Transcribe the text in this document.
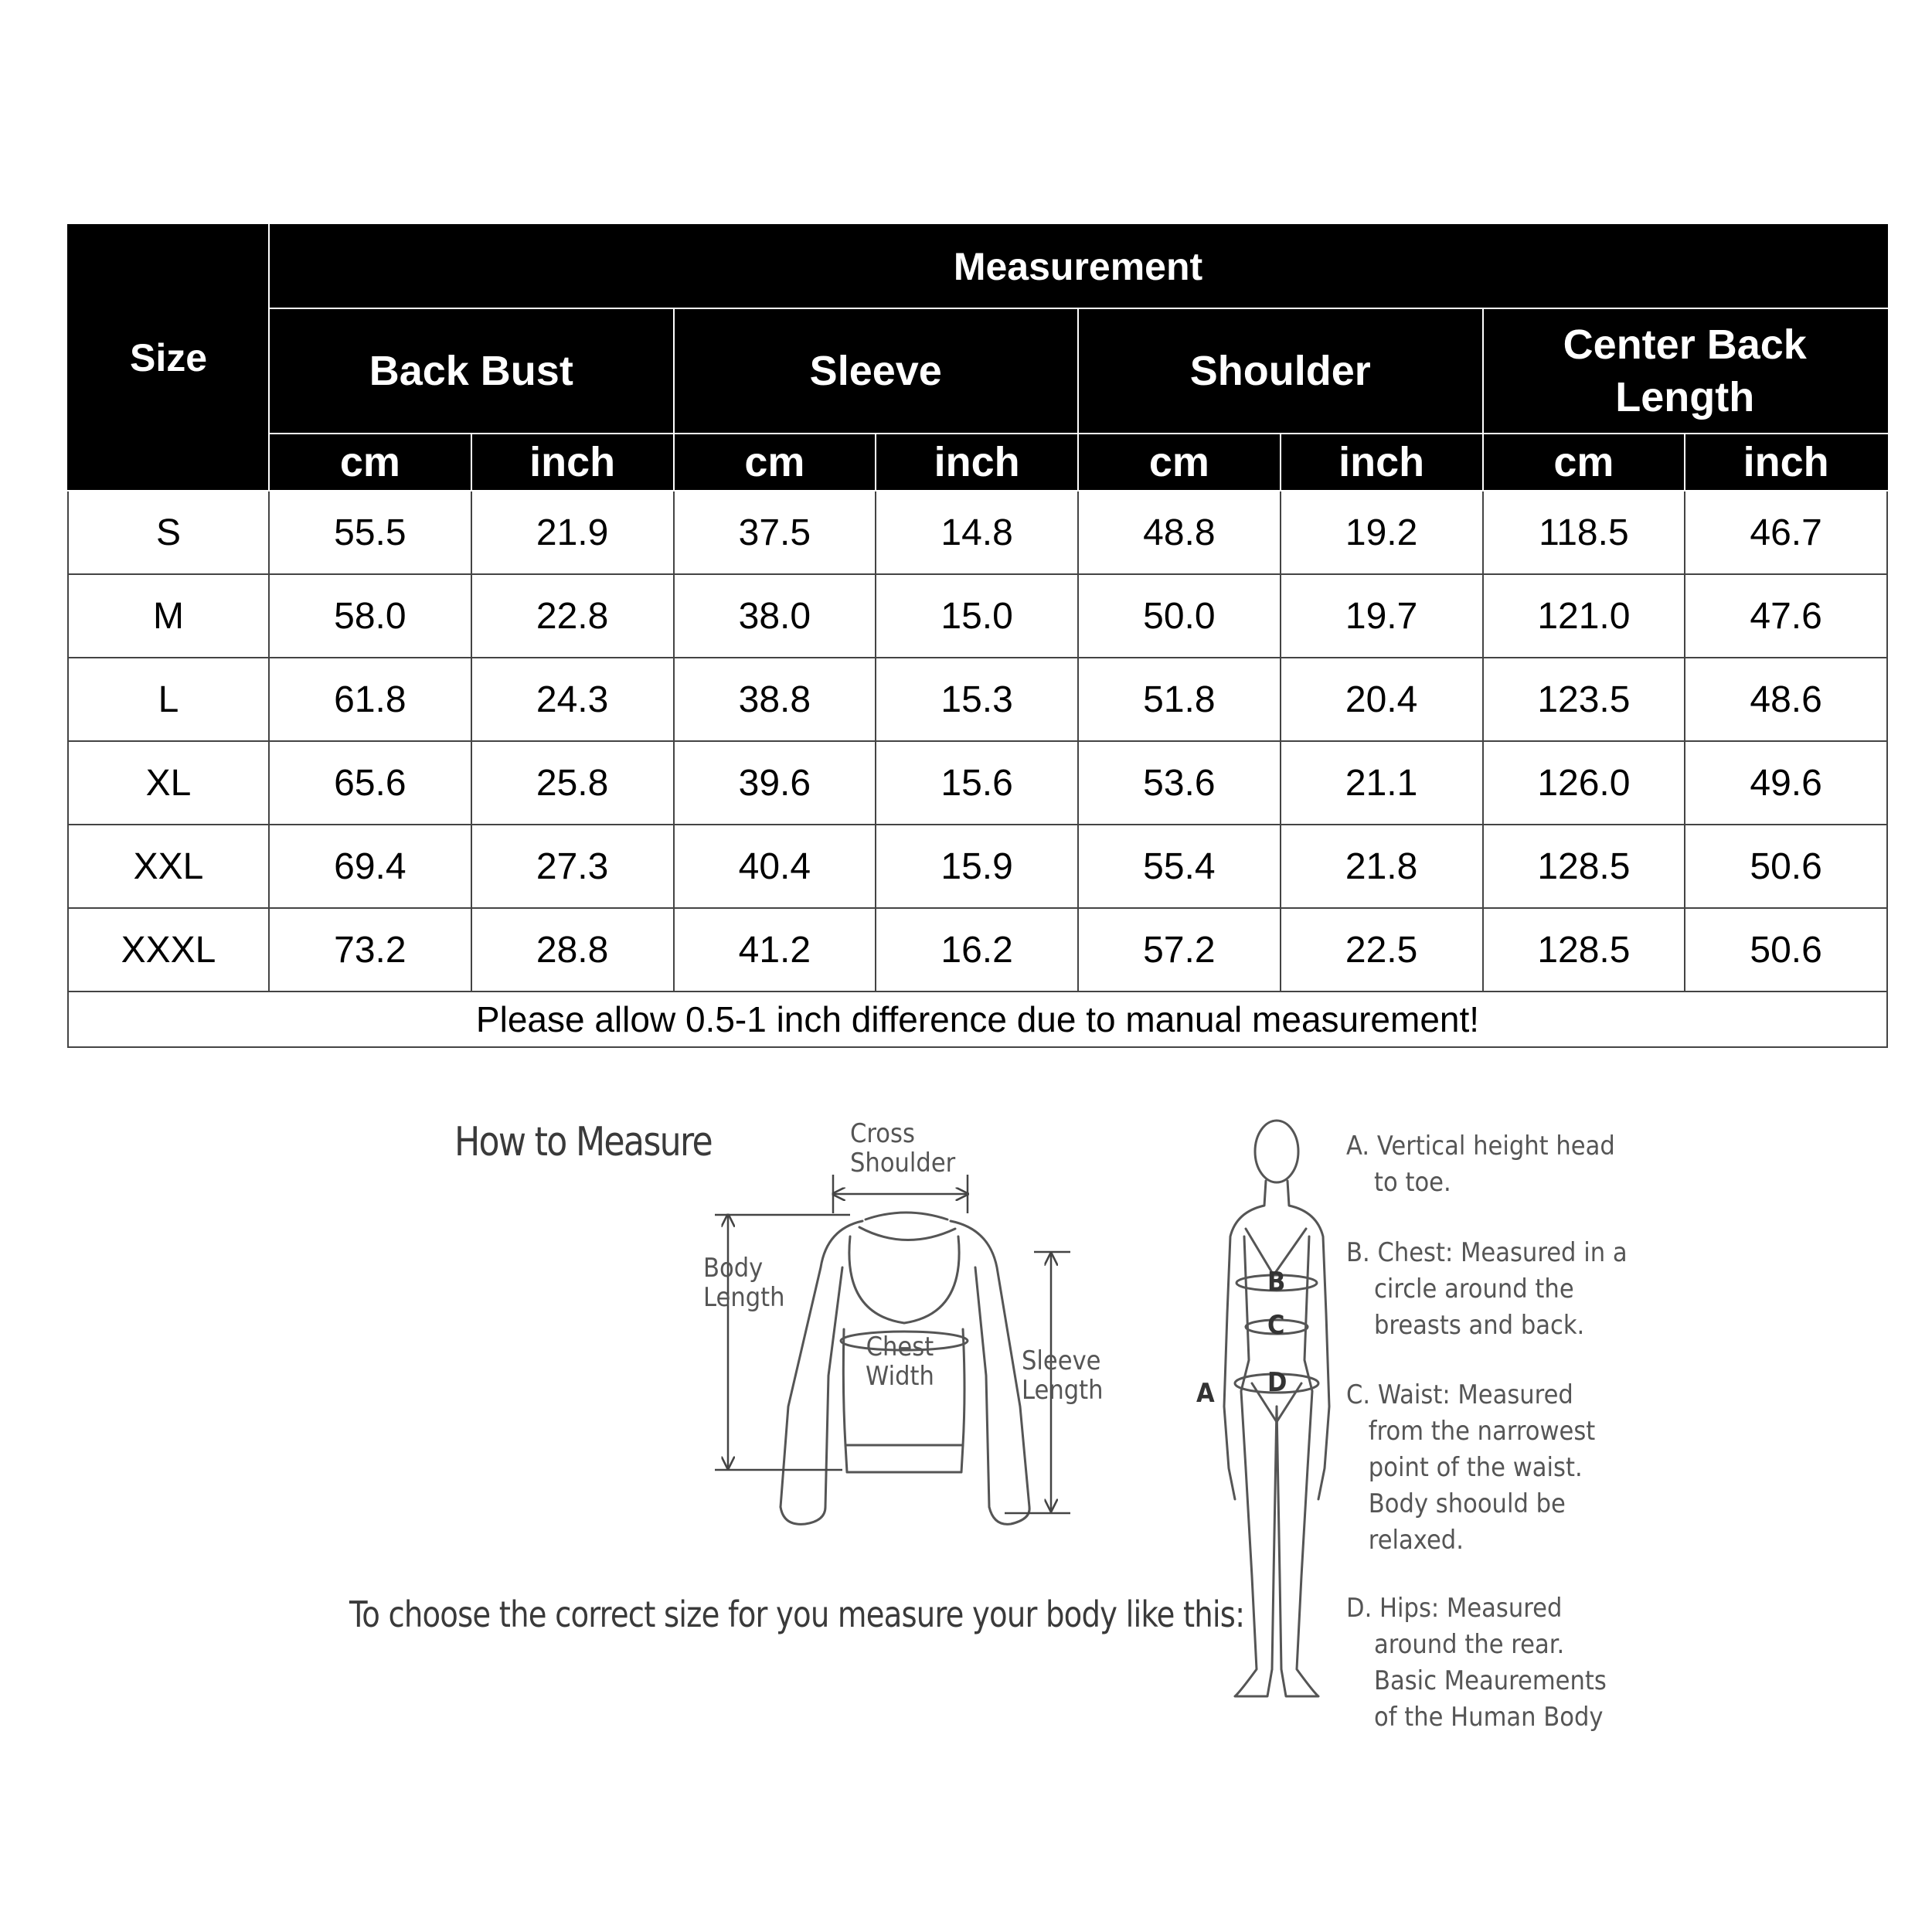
Size	Measurement							
	Back Bust		Sleeve		Shoulder		Center Back Length	
	cm	inch	cm	inch	cm	inch	cm	inch
S	55.5	21.9	37.5	14.8	48.8	19.2	118.5	46.7
M	58.0	22.8	38.0	15.0	50.0	19.7	121.0	47.6
L	61.8	24.3	38.8	15.3	51.8	20.4	123.5	48.6
XL	65.6	25.8	39.6	15.6	53.6	21.1	126.0	49.6
XXL	69.4	27.3	40.4	15.9	55.4	21.8	128.5	50.6
XXXL	73.2	28.8	41.2	16.2	57.2	22.5	128.5	50.6
Please allow 0.5-1 inch difference due to manual measurement!								
How to Measure
To choose the correct size for you measure your body like this:
Cross
Shoulder
Body
Length
Chest
Width	Sleeve
Length	A
B
C
D
A. Vertical height head
to toe.
B. Chest: Measured in a
circle around the
breasts and back.
C. Waist: Measured
from the narrowest
point of the waist.
Body shoould be
relaxed.
D. Hips: Measured
around the rear.
Basic Meaurements
of the Human Body
